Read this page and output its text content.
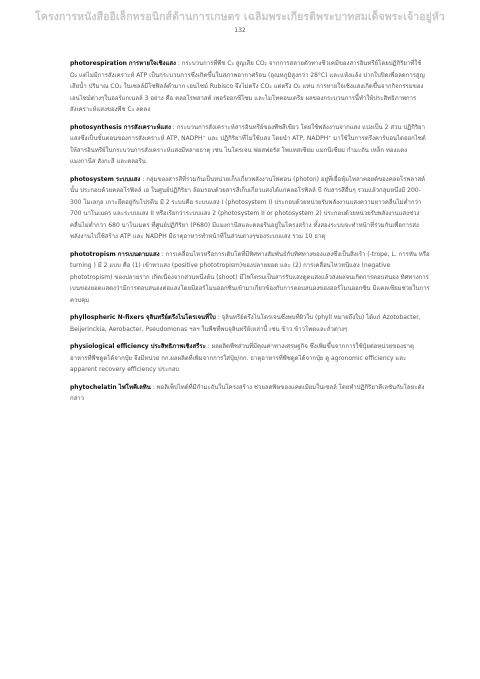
โครงการหนังสืออิเล็กทรอนิกส์ด้านการเกษตร เฉลิมพระเกียรติพระบาทสมเด็จพระเจ้าอยู่หัว
132

photorespiration การหายใจเชิงแสง : กระบวนการที่พืช C₃ สูญเสีย CO₂ จากการสลายตัวทางชีวเคมีของสารอินทรีย์โดยปฏิกิริยาที่ใช้ O₂ แต่ไม่มีการสังเคราะห์ ATP เป็นกระบวนการซึ่งเกิดขึ้นในสภาพอากาศร้อน (อุณหภูมิสูงกว่า 28°C) และแห้งแล้ง ปากใบปิดเพื่อลดการสูญเสียน้ำ ปริมาณ CO₂ ในเซลล์มีโซฟิลล์ต่ำมาก เอนไซม์ Rubisco จึงไม่ตรึง CO₂ แต่ตรึง O₂ แทน การหายใจเชิงแสงเกิดขึ้นจากกิจกรรมของเอนไซม์ต่างๆในออร์แกเนลล์ 3 อย่าง คือ คลอโรพลาสต์ เพอร์ออกซีโซม และไมโทคอนเดรีย ผลของกระบวนการนี้ทำให้ประสิทธิภาพการสังเคราะห์แสงของพืช C₃ ลดลง

photosynthesis การสังเคราะห์แสง : กระบวนการสังเคราะห์สารอินทรีย์ของพืชสีเขียว โดยใช้พลังงานจากแสง แบ่งเป็น 2 ส่วน ปฏิกิริยาแสงซึ่งเป็นขั้นตอนของการสังเคราะห์ ATP, NADPH⁺ และ ปฏิกิริยาที่ไม่ใช้แสง โดยนำ ATP, NADPH⁺ มาใช้ในการตรึงคาร์บอนไดออกไซด์ให้สารอินทรีย์ในกระบวนการสังเคราะห์แสงมีหลายธาตุ เช่น ไนโตรเจน ฟอสฟอรัส โพแทสเซียม แมกนีเซียม กำมะถัน เหล็ก ทองแดง แมงกานีส สังกะสี และคลอรีน

photosystem ระบบแสง : กลุ่มของสารสีที่รวมกันเป็นหน่วยเก็บเกี่ยวพลังงานโฟตอน (photon) อยู่ที่เยื่อหุ้มไทลาคอยด์ของคลอโรพลาสต์นั้น ประกอบด้วยคลอโรฟิลล์ เอ ในศูนย์ปฏิกิริยา ล้อมรอบด้วยสารสีเก็บเกี่ยวแสงได้แก่คลอโรฟิลล์ บี กับสารสีอื่นๆ รวมแล้วกลุ่มหนึ่งมี 200-300 โมเลกุล เกาะยึดอยู่กับโปรตีน มี 2 ระบบคือ ระบบแสง I (photosystem I) ประกอบด้วยหน่วยรับพลังงานแสงความยาวคลื่นไม่ต่ำกว่า 700 นาโนเมตร และระบบแสง II หรือเรียกว่าระบบแสง 2 (photosystem II or photosystem 2) ประกอบด้วยหน่วยรับพลังงานแสงช่วงคลื่นไม่ต่ำกว่า 680 นาโนเมตร ที่ศูนย์ปฏิกิริยา (P680) มีแมงกานีสและคลอรีนอยู่ในโครงสร้าง ทั้งสองระบบจะทำหน้าที่ร่วมกันเพื่อการส่งพลังงานไปใช้สร้าง ATP และ NADPH มีธาตุอาหารทำหน้าที่ในส่วนต่างๆของระบบแสง รวม 10 ธาตุ

phototropism การเบนตามแสง : การเคลื่อนไหวหรือการเติบโตที่มีทิศทางสัมพันธ์กับทิศทางของแสงซึ่งเป็นสิ่งเร้า (-trope, L. การหัน หรือ turning ) มี 2 แบบ คือ (1) เข้าหาแสง (positive phototropism)ของปลายยอด และ (2) การเคลื่อนไหวหนีแสง (negative phototropism) ของปลายราก เกิดเนื่องจากส่วนหนึ่งต้น (shoot) มีไฟโตรมเป็นสารรับแสงดูดแสงแล้วส่งผลจนเกิดการตอบสนอง ทิศทางการเบนของยอดแสดงว่ามีการตอบสนองต่อแสงโดยมีฮอร์โมนออกซินเข้ามาเกี่ยวข้องกับการตอบสนองของฮอร์โมนออกซิน มีแคลเซียมช่วยในการควบคุม

phyllospheric N-fixers จุลินทรีย์ตรึงไนโตรเจนที่ใบ : จุลินทรีย์ตรึงไนโตรเจนซึ่งพบที่ผิวใบ (phyll หมายถึงใบ) ได้แก่ Azotobacter, Beijerinckia, Aerobacter, Pseudomonas ฯลฯ ในพืชที่พบจุลินทรีย์เหล่านี้ เช่น ข้าว ข้าวโพดและถั่วต่างๆ

physiological efficiency ประสิทธิภาพเชิงสรีระ : ผลผลิตพืชส่วนที่มีคุณค่าทางเศรษฐกิจ ซึ่งเพิ่มขึ้นจากการใช้ปุ๋ยต่อหน่วยของธาตุอาหารที่พืชดูดได้จากปุ๋ย จึงมีหน่วย กก.ผลผลิตที่เพิ่มจากการใส่ปุ๋ย/กก. ธาตุอาหารที่พืชดูดได้จากปุ๋ย ดู agronomic efficiency และ apparent recovery efficiency ประกอบ

phytochelatin ไฟโทคีเลทิน : พอลิเพ็ปไทด์ที่มีกำมะถันในโครงสร้าง ช่วยลดพิษของแคดเมียมในเซลล์ โดยทำปฏิกิริยาคีเลชันกับโลหะดังกล่าว
